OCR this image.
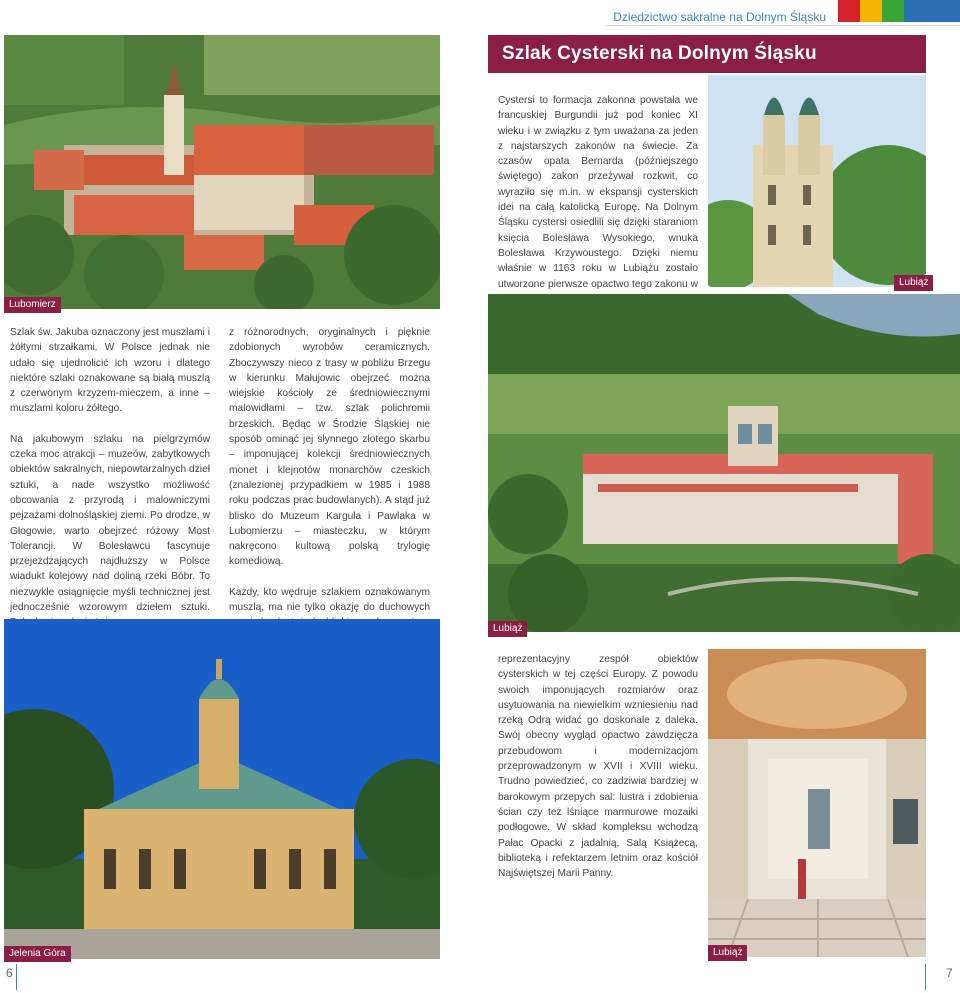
Dziedzictwo sakralne na Dolnym Śląsku
Szlak Cysterski na Dolnym Śląsku
Lubomierz
Cystersi to formacja zakonna powstała we francuskiej Burgundii już pod koniec XI wieku i w związku z tym uważana za jeden z najstarszych zakonów na świecie. Za czasów opata Bernarda (późniejszego świętego) zakon przeżywał rozkwit, co wyraziło się m.in. w ekspansji cysterskich idei na całą katolicką Europę. Na Dolnym Śląsku cystersi osiedlili się dzięki staraniom księcia Bolesława Wysokiego, wnuka Bolesława Krzywoustego. Dzięki niemu właśnie w 1163 roku w Lubiążu zostało utworzone pierwsze opactwo tego zakonu w	Lubiąż

Szlak św. Jakuba oznaczony jest muszlami i żółtymi strzałkami. W Polsce jednak nie udało się ujednolicić ich wzoru i dlatego niektóre szlaki oznakowane są białą muszlą z czerwonym krzyżem-mieczem, a inne – muszlami koloru żółtego.

Na jakubowym szlaku na pielgrzymów czeka moc atrakcji – muzeów, zabytkowych obiektów sakralnych, niepowtarzalnych dzieł sztuki, a nade wszystko możliwość obcowania z przyrodą i malowniczymi pejzażami dolnośląskiej ziemi. Po drodze, w Głogowie, warto obejrzeć różowy Most Tolerancji. W Bolesławcu fascynuje przejeżdżających najdłuższy w Polsce wiadukt kolejowy nad doliną rzeki Bóbr. To niezwykłe osiągnięcie myśli technicznej jest jednocześnie wzorowym dziełem sztuki.

z różnorodnych, oryginalnych i pięknie zdobionych wyrobów ceramicznych. Zboczywszy nieco z trasy w pobliżu Brzegu w kierunku Małujowic obejrzeć można wiejskie kościoły ze średniowiecznymi malowidłami – tzw. szlak polichromii brzeskich. Będąc w Środzie Śląskiej nie sposób ominąć jej słynnego złotego skarbu – imponującej kolekcji średniowiecznych monet i klejnotów monarchów czeskich (znalezionej przypadkiem w 1985 i 1988 roku podczas prac budowlanych). A stąd już blisko do Muzeum Kargula i Pawlaka w Lubomierzu – miasteczku, w którym nakręcono kultową polską trylogię komediową.

Każdy, kto wędruje szlakiem oznakowanym muszlą, ma nie tylko okazję do duchowych

Lubiąż
Jelenia Góra
reprezentacyjny zespół obiektów cysterskich w tej części Europy. Z powodu swoich imponujących rozmiarów oraz usytuowania na niewielkim wzniesieniu nad rzeką Odrą widać go doskonale z daleka. Swój obecny wygląd opactwo zawdzięcza przebudowom i modernizacjom przeprowadzonym w XVII i XVIII wieku. Trudno powiedzieć, co zadziwia bardziej w barokowym przepych sal: lustra i zdobienia ścian czy też lśniące marmurowe mozaiki podłogowe. W skład kompleksu wchodzą Pałac Opacki z jadalnią, Salą Książecą, biblioteką i refektarzem letnim oraz kościół Najświętszej Marii Panny.
Lubiąż
6	7
